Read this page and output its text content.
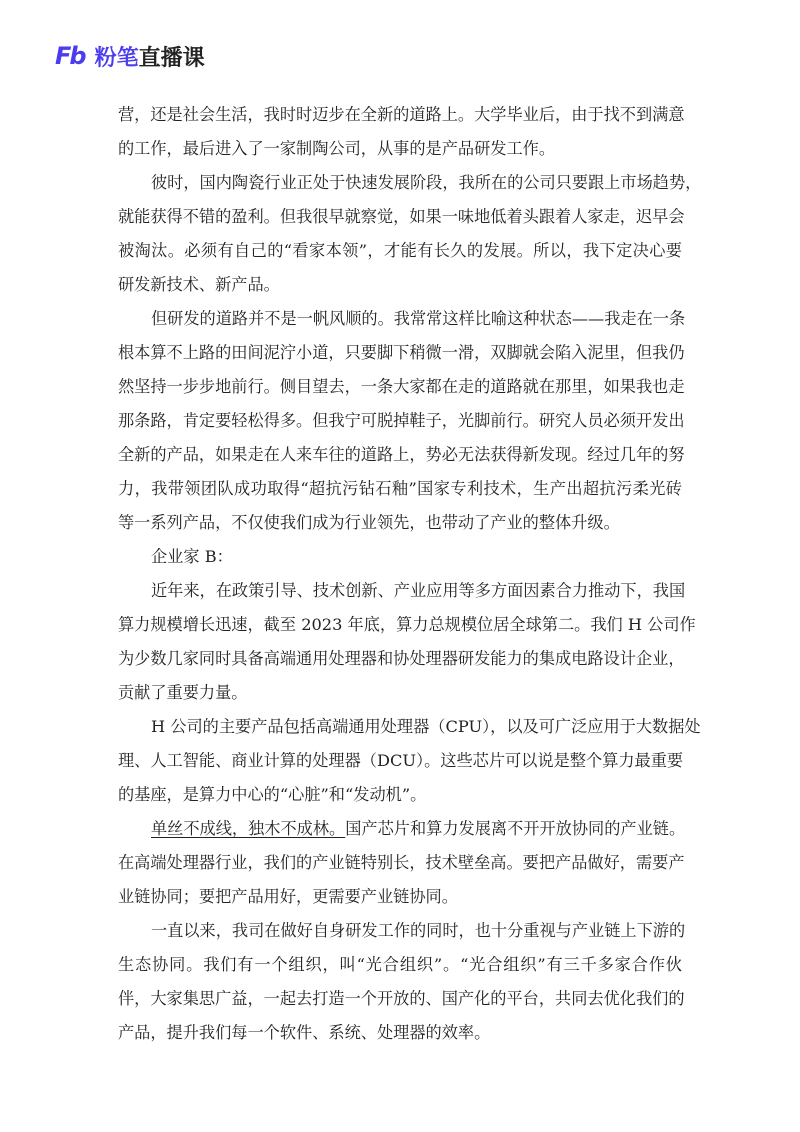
Fb 粉笔 直播课
营，还是社会生活，我时时迈步在全新的道路上。大学毕业后，由于找不到满意
的工作，最后进入了一家制陶公司，从事的是产品研发工作。
彼时，国内陶瓷行业正处于快速发展阶段，我所在的公司只要跟上市场趋势，
就能获得不错的盈利。但我很早就察觉，如果一味地低着头跟着人家走，迟早会
被淘汰。必须有自己的“看家本领”，才能有长久的发展。所以，我下定决心要
研发新技术、新产品。
但研发的道路并不是一帆风顺的。我常常这样比喻这种状态——我走在一条
根本算不上路的田间泥泞小道，只要脚下稍微一滑，双脚就会陷入泥里，但我仍
然坚持一步步地前行。侧目望去，一条大家都在走的道路就在那里，如果我也走
那条路，肯定要轻松得多。但我宁可脱掉鞋子，光脚前行。研究人员必须开发出
全新的产品，如果走在人来车往的道路上，势必无法获得新发现。经过几年的努
力，我带领团队成功取得“超抗污钻石釉”国家专利技术，生产出超抗污柔光砖
等一系列产品，不仅使我们成为行业领先，也带动了产业的整体升级。
企业家 B：
近年来，在政策引导、技术创新、产业应用等多方面因素合力推动下，我国
算力规模增长迅速，截至 2023 年底，算力总规模位居全球第二。我们 H 公司作
为少数几家同时具备高端通用处理器和协处理器研发能力的集成电路设计企业，
贡献了重要力量。
H 公司的主要产品包括高端通用处理器（CPU），以及可广泛应用于大数据处
理、人工智能、商业计算的处理器（DCU）。这些芯片可以说是整个算力最重要
的基座，是算力中心的“心脏”和“发动机”。
单丝不成线，独木不成林。国产芯片和算力发展离不开开放协同的产业链。
在高端处理器行业，我们的产业链特别长，技术壁垒高。要把产品做好，需要产
业链协同；要把产品用好，更需要产业链协同。
一直以来，我司在做好自身研发工作的同时，也十分重视与产业链上下游的
生态协同。我们有一个组织，叫“光合组织”。“光合组织”有三千多家合作伙
伴，大家集思广益，一起去打造一个开放的、国产化的平台，共同去优化我们的
产品，提升我们每一个软件、系统、处理器的效率。
